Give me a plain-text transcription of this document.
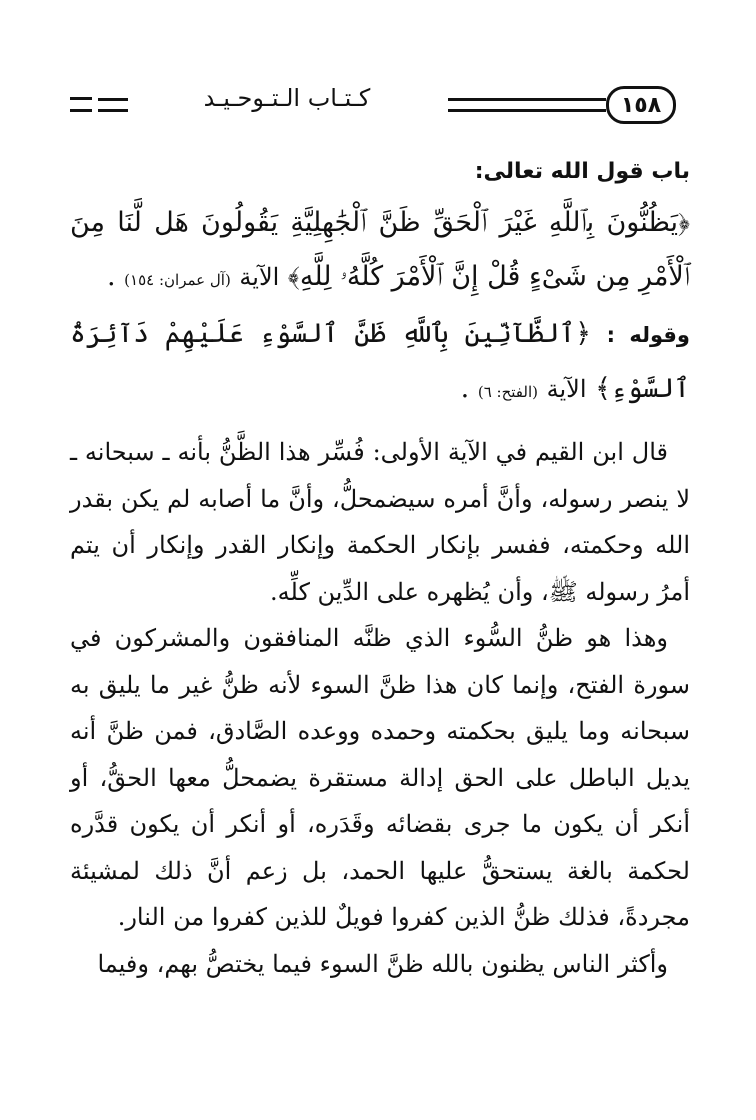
١٥٨
كـتـاب الـتـوحـيـد
باب قول الله تعالى:

﴿يَظُنُّونَ بِٱللَّهِ غَيْرَ ٱلْحَقِّ ظَنَّ ٱلْجَٰهِلِيَّةِ يَقُولُونَ هَل لَّنَا مِنَ ٱلْأَمْرِ مِن شَىْءٍ قُلْ إِنَّ ٱلْأَمْرَ كُلَّهُۥ لِلَّهِ﴾ الآية (آل عمران: ١٥٤) .

وقوله : ﴿ٱلظَّآنِّينَ بِٱللَّهِ ظَنَّ ٱلسَّوْءِ عَلَيْهِمْ دَآئِرَةُ ٱلسَّوْءِ﴾ الآية (الفتح: ٦) .

قال ابن القيم في الآية الأولى: فُسِّر هذا الظَّنُّ بأنه ـ سبحانه ـ لا ينصر رسوله، وأنَّ أمره سيضمحلُّ، وأنَّ ما أصابه لم يكن بقدر الله وحكمته، ففسر بإنكار الحكمة وإنكار القدر وإنكار أن يتم أمرُ رسوله ﷺ، وأن يُظهره على الدِّين كلِّه.

وهذا هو ظنُّ السُّوء الذي ظنَّه المنافقون والمشركون في سورة الفتح، وإنما كان هذا ظنَّ السوء لأنه ظنُّ غير ما يليق به سبحانه وما يليق بحكمته وحمده ووعده الصَّادق، فمن ظنَّ أنه يديل الباطل على الحق إدالة مستقرة يضمحلُّ معها الحقُّ، أو أنكر أن يكون ما جرى بقضائه وقَدَره، أو أنكر أن يكون قدَّره لحكمة بالغة يستحقُّ عليها الحمد، بل زعم أنَّ ذلك لمشيئة مجردةً، فذلك ظنُّ الذين كفروا فويلٌ للذين كفروا من النار.

وأكثر الناس يظنون بالله ظنَّ السوء فيما يختصُّ بهم، وفيما
